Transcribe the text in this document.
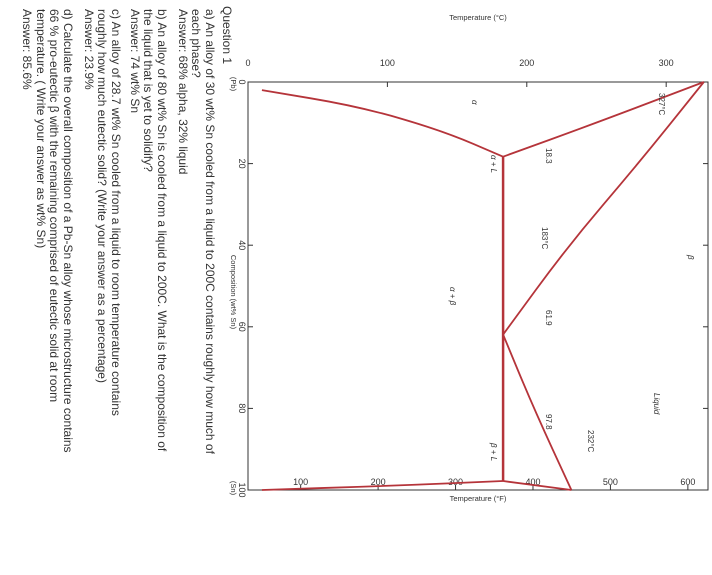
Temperature (°C)
Temperature (°F)
Composition (wt% Sn)
(Pb)
(Sn)
0	100	200	300
100	200	300	400	500	600
0
20
40
60
80
100
Liquid
β
α
α + L
β + L
α + β
327°C
232°C
183°C
18.3
61.9
97.8
Question 1
a) An alloy of 30 wt% Sn cooled from a liquid to 200C contains roughly how much of
each phase?
Answer: 68% alpha, 32% liquid
b) An alloy of 80 wt% Sn is cooled from a liquid to 200C. What is the composition of
the liquid that is yet to solidify?
Answer: 74 wt% Sn
c) An alloy of 28.7 wt% Sn cooled from a liquid to room temperature contains
roughly how much eutectic solid? (Write your answer as a percentage)
Answer: 23.9%
d) Calculate the overall composition of a Pb-Sn alloy whose microstructure contains
66 % pro-eutectic β with the remaining comprised of eutectic solid at room
temperature. ( Write your answer as wt% Sn)
Answer: 85.6%
